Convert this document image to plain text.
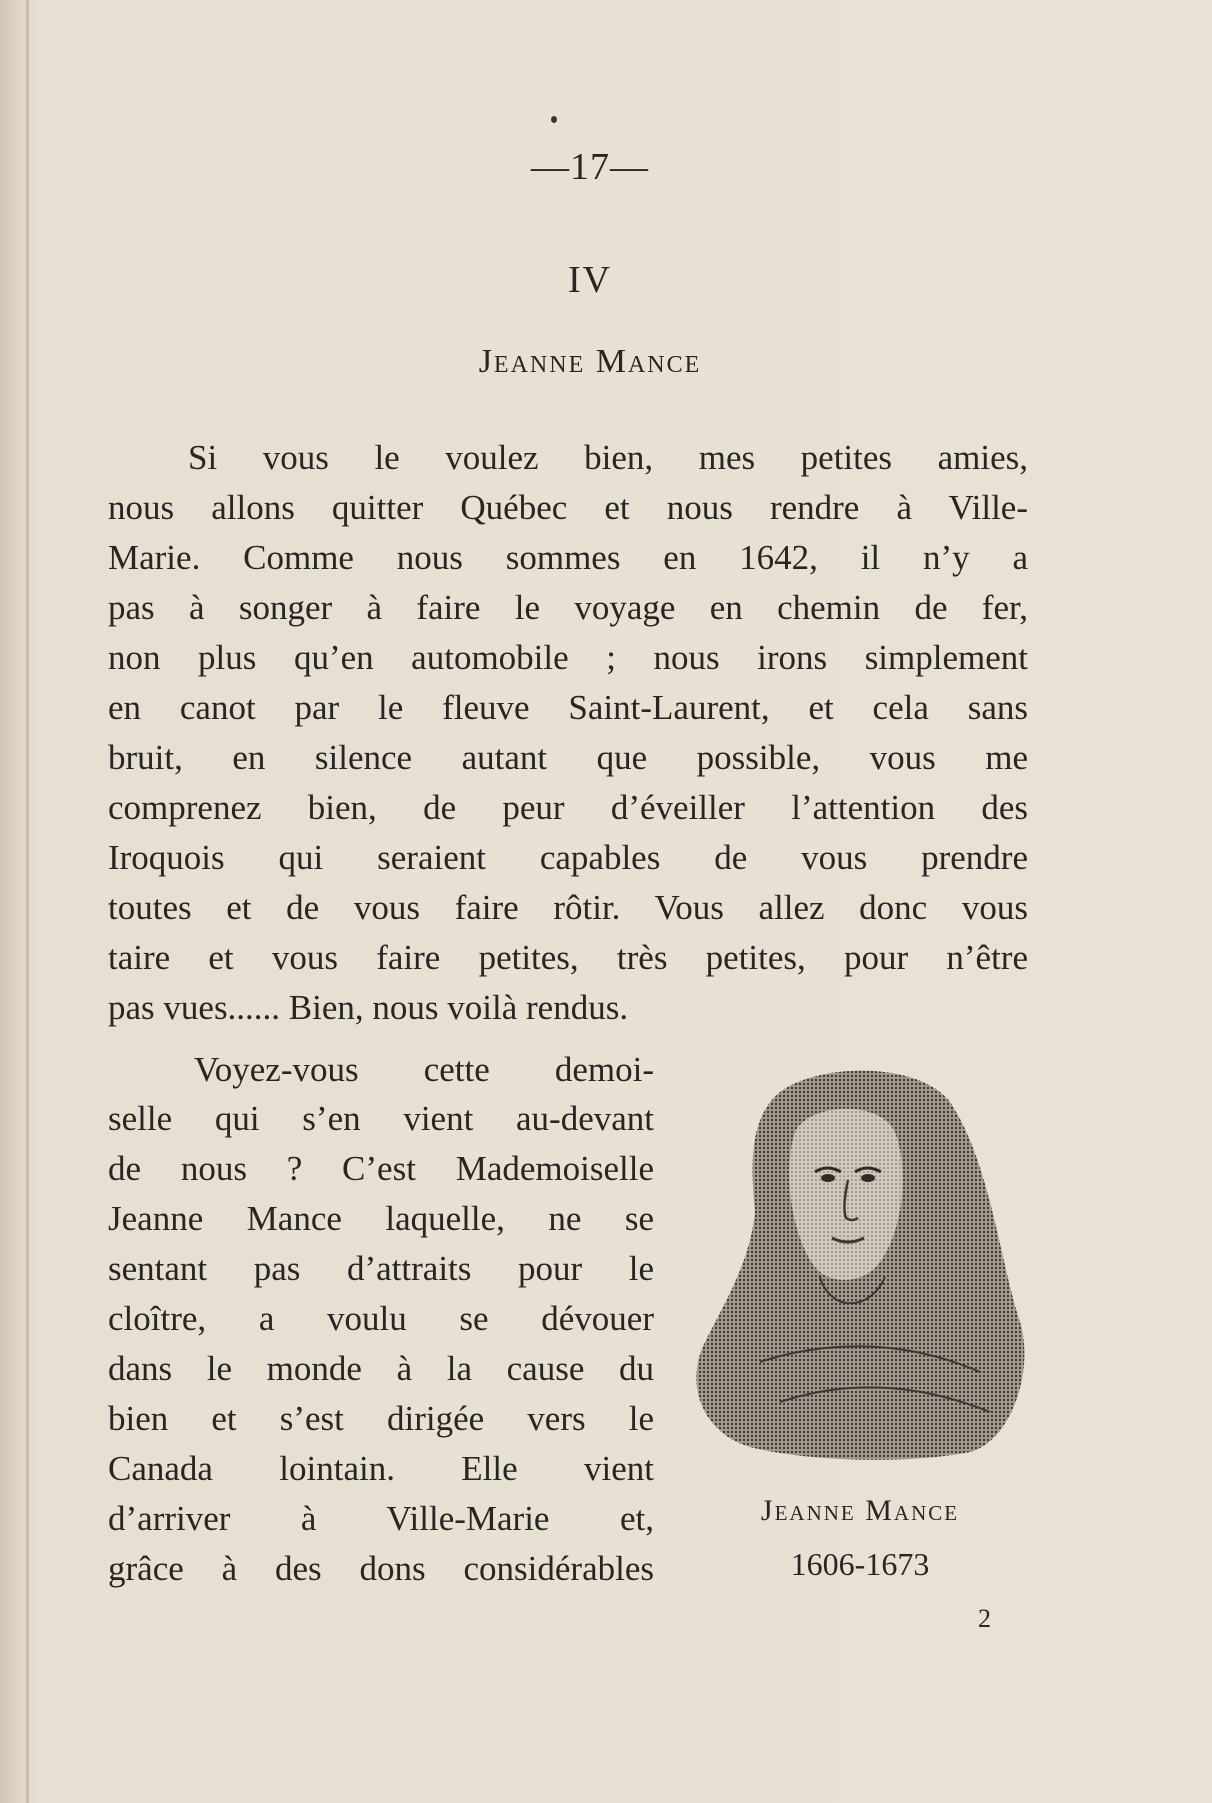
—17—
IV
Jeanne Mance
Si vous le voulez bien, mes petites amies,
nous allons quitter Québec et nous rendre à Ville-
Marie. Comme nous sommes en 1642, il n’y a
pas à songer à faire le voyage en chemin de fer,
non plus qu’en automobile ; nous irons simplement
en canot par le fleuve Saint-Laurent, et cela sans
bruit, en silence autant que possible, vous me
comprenez bien, de peur d’éveiller l’attention des
Iroquois qui seraient capables de vous prendre
toutes et de vous faire rôtir. Vous allez donc vous
taire et vous faire petites, très petites, pour n’être
pas vues...... Bien, nous voilà rendus.
Voyez-vous cette demoi-
selle qui s’en vient au-devant
de nous ? C’est Mademoiselle
Jeanne Mance laquelle, ne se
sentant pas d’attraits pour le
cloître, a voulu se dévouer
dans le monde à la cause du
bien et s’est dirigée vers le
Canada lointain. Elle vient
d’arriver à Ville-Marie et,
grâce à des dons considérables
Jeanne Mance
1606-1673
2
